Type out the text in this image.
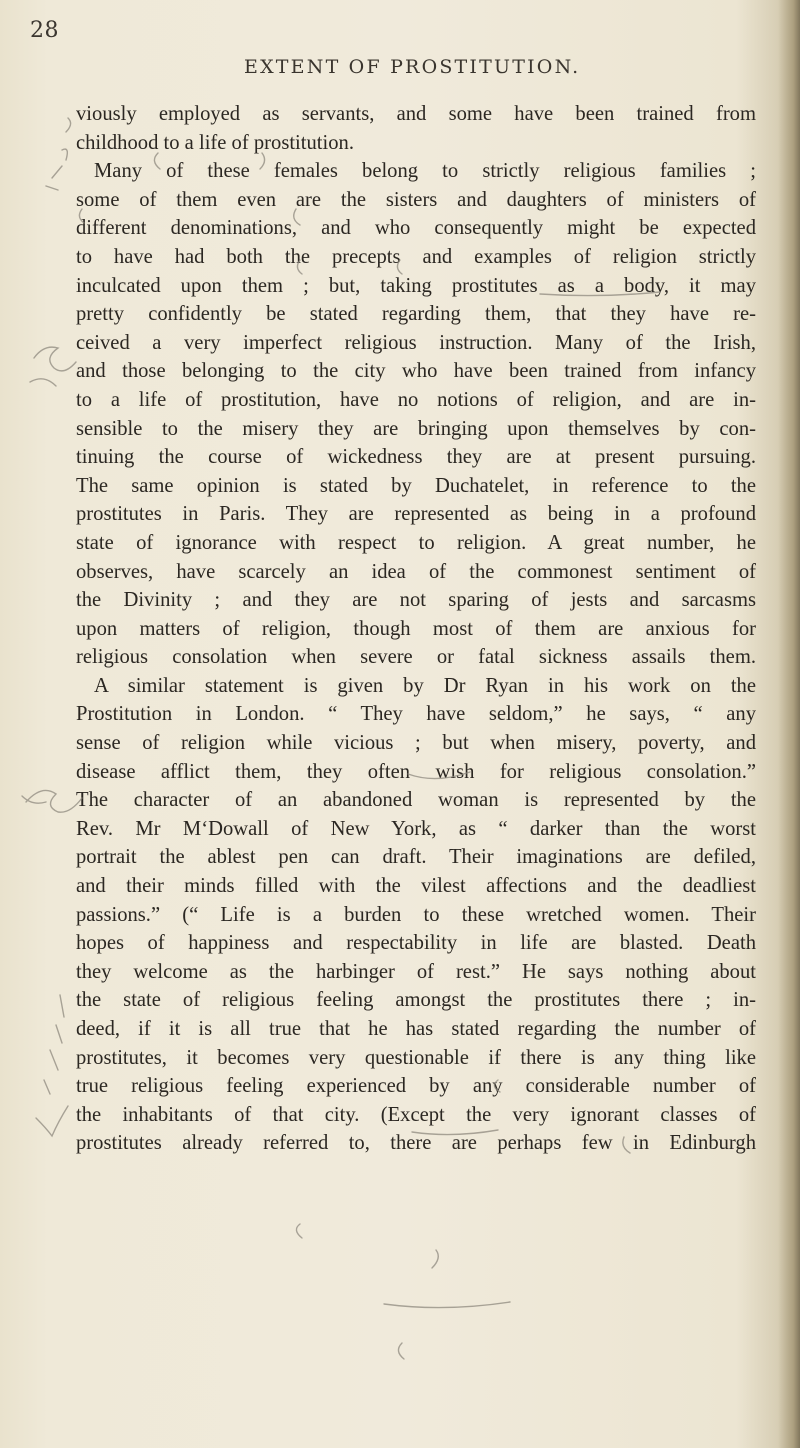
28
EXTENT OF PROSTITUTION.
viously employed as servants, and some have been trained from
childhood to a life of prostitution.
Many of these females belong to strictly religious families ;
some of them even are the sisters and daughters of ministers of
different denominations, and who consequently might be expected
to have had both the precepts and examples of religion strictly
inculcated upon them ; but, taking prostitutes as a body, it may
pretty confidently be stated regarding them, that they have re-
ceived a very imperfect religious instruction. Many of the Irish,
and those belonging to the city who have been trained from infancy
to a life of prostitution, have no notions of religion, and are in-
sensible to the misery they are bringing upon themselves by con-
tinuing the course of wickedness they are at present pursuing.
The same opinion is stated by Duchatelet, in reference to the
prostitutes in Paris. They are represented as being in a profound
state of ignorance with respect to religion. A great number, he
observes, have scarcely an idea of the commonest sentiment of
the Divinity ; and they are not sparing of jests and sarcasms
upon matters of religion, though most of them are anxious for
religious consolation when severe or fatal sickness assails them.
A similar statement is given by Dr Ryan in his work on the
Prostitution in London. “ They have seldom,” he says, “ any
sense of religion while vicious ; but when misery, poverty, and
disease afflict them, they often wish for religious consolation.”
The character of an abandoned woman is represented by the
Rev. Mr M‘Dowall of New York, as “ darker than the worst
portrait the ablest pen can draft. Their imaginations are defiled,
and their minds filled with the vilest affections and the deadliest
passions.” (“ Life is a burden to these wretched women. Their
hopes of happiness and respectability in life are blasted. Death
they welcome as the harbinger of rest.” He says nothing about
the state of religious feeling amongst the prostitutes there ; in-
deed, if it is all true that he has stated regarding the number of
prostitutes, it becomes very questionable if there is any thing like
true religious feeling experienced by any considerable number of
the inhabitants of that city. (Except the very ignorant classes of
prostitutes already referred to, there are perhaps few in Edinburgh
